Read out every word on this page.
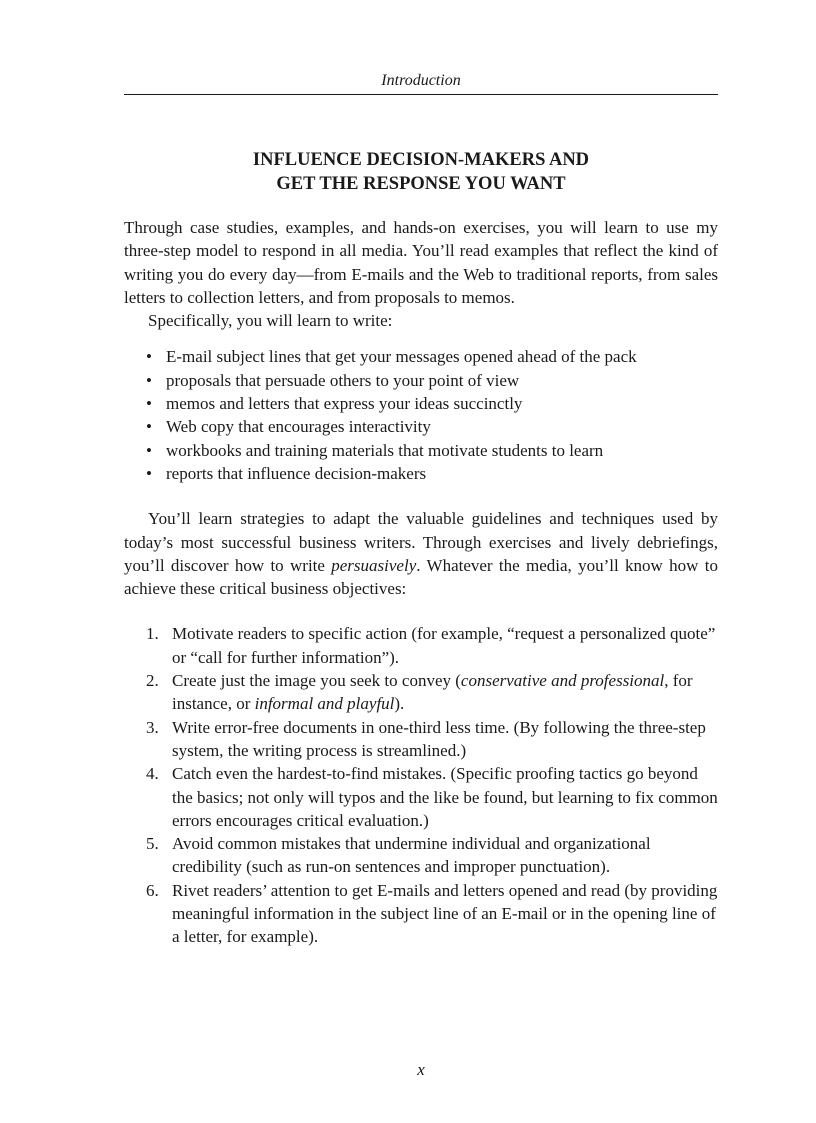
Introduction
INFLUENCE DECISION-MAKERS AND
GET THE RESPONSE YOU WANT

Through case studies, examples, and hands-on exercises, you will learn to use my three-step model to respond in all media. You’ll read examples that reflect the kind of writing you do every day—from E-mails and the Web to traditional reports, from sales letters to collection letters, and from proposals to memos.

Specifically, you will learn to write:

• E-mail subject lines that get your messages opened ahead of the pack
• proposals that persuade others to your point of view
• memos and letters that express your ideas succinctly
• Web copy that encourages interactivity
• workbooks and training materials that motivate students to learn
• reports that influence decision-makers

You’ll learn strategies to adapt the valuable guidelines and techniques used by today’s most successful business writers. Through exercises and lively debriefings, you’ll discover how to write persuasively. Whatever the media, you’ll know how to achieve these critical business objectives:

1. Motivate readers to specific action (for example, “request a personalized quote” or “call for further information”).
2. Create just the image you seek to convey (conservative and professional, for instance, or informal and playful).
3. Write error-free documents in one-third less time. (By following the three-step system, the writing process is streamlined.)
4. Catch even the hardest-to-find mistakes. (Specific proofing tactics go beyond the basics; not only will typos and the like be found, but learning to fix common errors encourages critical evaluation.)
5. Avoid common mistakes that undermine individual and organizational credibility (such as run-on sentences and improper punctuation).
6. Rivet readers’ attention to get E-mails and letters opened and read (by providing meaningful information in the subject line of an E-mail or in the opening line of a letter, for example).
x
